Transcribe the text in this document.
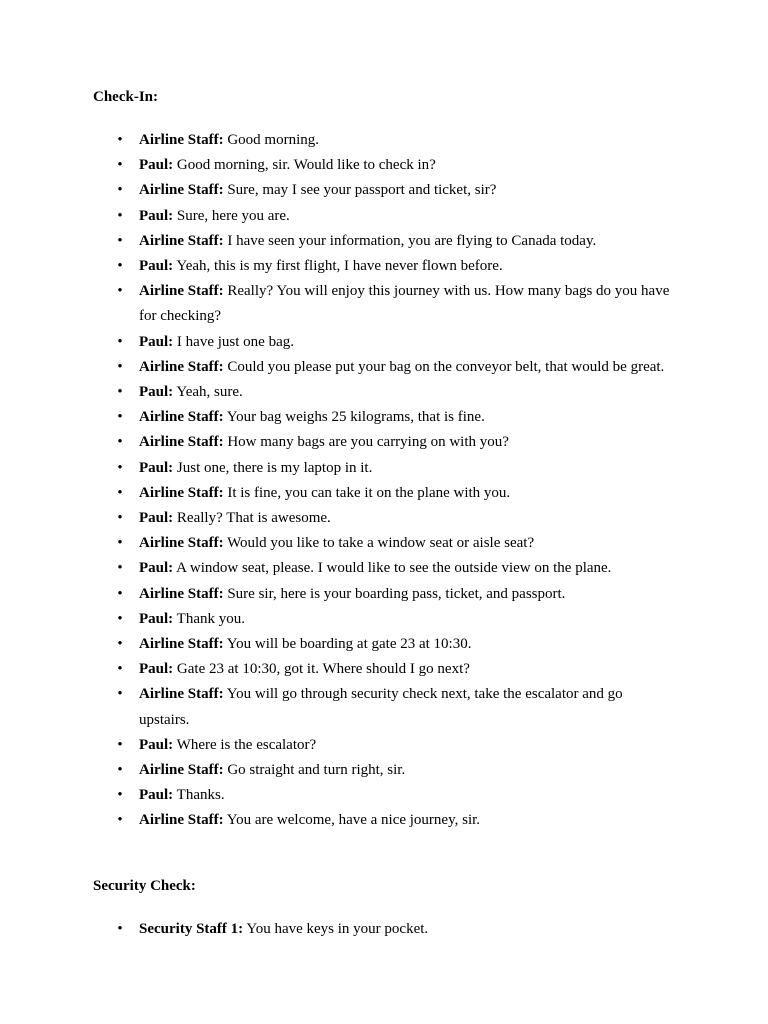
Check-In:
• Airline Staff: Good morning.
• Paul: Good morning, sir. Would like to check in?
• Airline Staff: Sure, may I see your passport and ticket, sir?
• Paul: Sure, here you are.
• Airline Staff: I have seen your information, you are flying to Canada today.
• Paul: Yeah, this is my first flight, I have never flown before.
• Airline Staff: Really? You will enjoy this journey with us. How many bags do you have for checking?
• Paul: I have just one bag.
• Airline Staff: Could you please put your bag on the conveyor belt, that would be great.
• Paul: Yeah, sure.
• Airline Staff: Your bag weighs 25 kilograms, that is fine.
• Airline Staff: How many bags are you carrying on with you?
• Paul: Just one, there is my laptop in it.
• Airline Staff: It is fine, you can take it on the plane with you.
• Paul: Really? That is awesome.
• Airline Staff: Would you like to take a window seat or aisle seat?
• Paul: A window seat, please. I would like to see the outside view on the plane.
• Airline Staff: Sure sir, here is your boarding pass, ticket, and passport.
• Paul: Thank you.
• Airline Staff: You will be boarding at gate 23 at 10:30.
• Paul: Gate 23 at 10:30, got it. Where should I go next?
• Airline Staff: You will go through security check next, take the escalator and go upstairs.
• Paul: Where is the escalator?
• Airline Staff: Go straight and turn right, sir.
• Paul: Thanks.
• Airline Staff: You are welcome, have a nice journey, sir.
Security Check:
• Security Staff 1: You have keys in your pocket.
